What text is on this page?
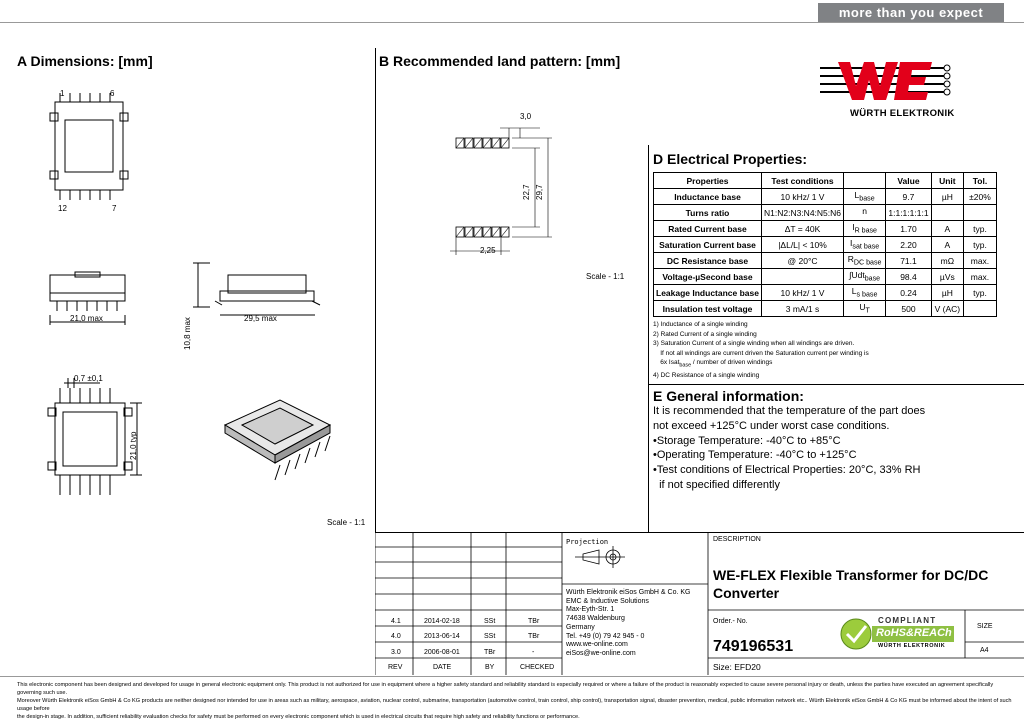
more than you expect
A Dimensions: [mm]
1	6
12	7
21,0 max	29,5 max
10,8 max
0,7 ±0,1
21,0 typ
Scale - 1:1
B Recommended land pattern: [mm]
3,0
22,7 29,7
2,25
Scale - 1:1
WÜRTH ELEKTRONIK
D Electrical Properties:
Properties	Test conditions		Value	Unit	Tol.
Inductance base	10 kHz/ 1 V	$L_{base}$	9.7	µH	±20%
Turns ratio	N1:N2:N3:N4:N5:N6	n	1:1:1:1:1:1		
Rated Current base	ΔT = 40K	$I_{R base}$	1.70	A	typ.
Saturation Current base	|ΔL/L| < 10%	$I_{sat base}$	2.20	A	typ.
DC Resistance base	@ 20°C	$R_{DC base}$	71.1	mΩ	max.
Voltage-µSecond base		∫Udt$_{base}$	98.4	µVs	max.
Leakage Inductance base	10 kHz/ 1 V	$L_{s base}$	0.24	µH	typ.
Insulation test voltage	3 mA/1 s	$U_T$	500	V (AC)	
1) Inductance of a single winding
2) Rated Current of a single winding
3) Saturation Current of a single winding when all windings are driven.
If not all windings are current driven the Saturation current per winding is
6x Isat$_{base}$ / number of driven windings
4) DC Resistance of a single winding
E General information:
It is recommended that the temperature of the part does
not exceed +125°C under worst case conditions.
•Storage Temperature: -40°C to +85°C
•Operating Temperature: -40°C to +125°C
•Test conditions of Electrical Properties: 20°C, 33% RH
if not specified differently
Projection
Würth Elektronik eiSos GmbH & Co. KG
EMC & Inductive Solutions
Max-Eyth-Str. 1
74638 Waldenburg
Germany
Tel. +49 (0) 79 42 945 - 0
www.we-online.com
eiSos@we-online.com
DESCRIPTION
WE-FLEX Flexible Transformer for DC/DC Converter
Order.- No.
749196531
SIZE
A4
Size: EFD20
COMPLIANT
RoHS&REACh
WÜRTH ELEKTRONIK
4.1	2014-02-18	SSt	TBr
4.0	2013-06-14	SSt	TBr
3.0	2006-08-01	TBr	-
REV	DATE	BY	CHECKED
This electronic component has been designed and developed for usage in general electronic equipment only. This product is not authorized for use in equipment where a higher safety standard and reliability standard is especially required or where a failure of the product is reasonably expected to cause severe personal injury or death, unless the parties have executed an agreement specifically governing such use.
Moreover Würth Elektronik eiSos GmbH & Co KG products are neither designed nor intended for use in areas such as military, aerospace, aviation, nuclear control, submarine, transportation (automotive control, train control, ship control), transportation signal, disaster prevention, medical, public information network etc.. Würth Elektronik eiSos GmbH & Co KG must be informed about the intent of such usage before
the design-in stage. In addition, sufficient reliability evaluation checks for safety must be performed on every electronic component which is used in electrical circuits that require high safety and reliability functions or performance.
